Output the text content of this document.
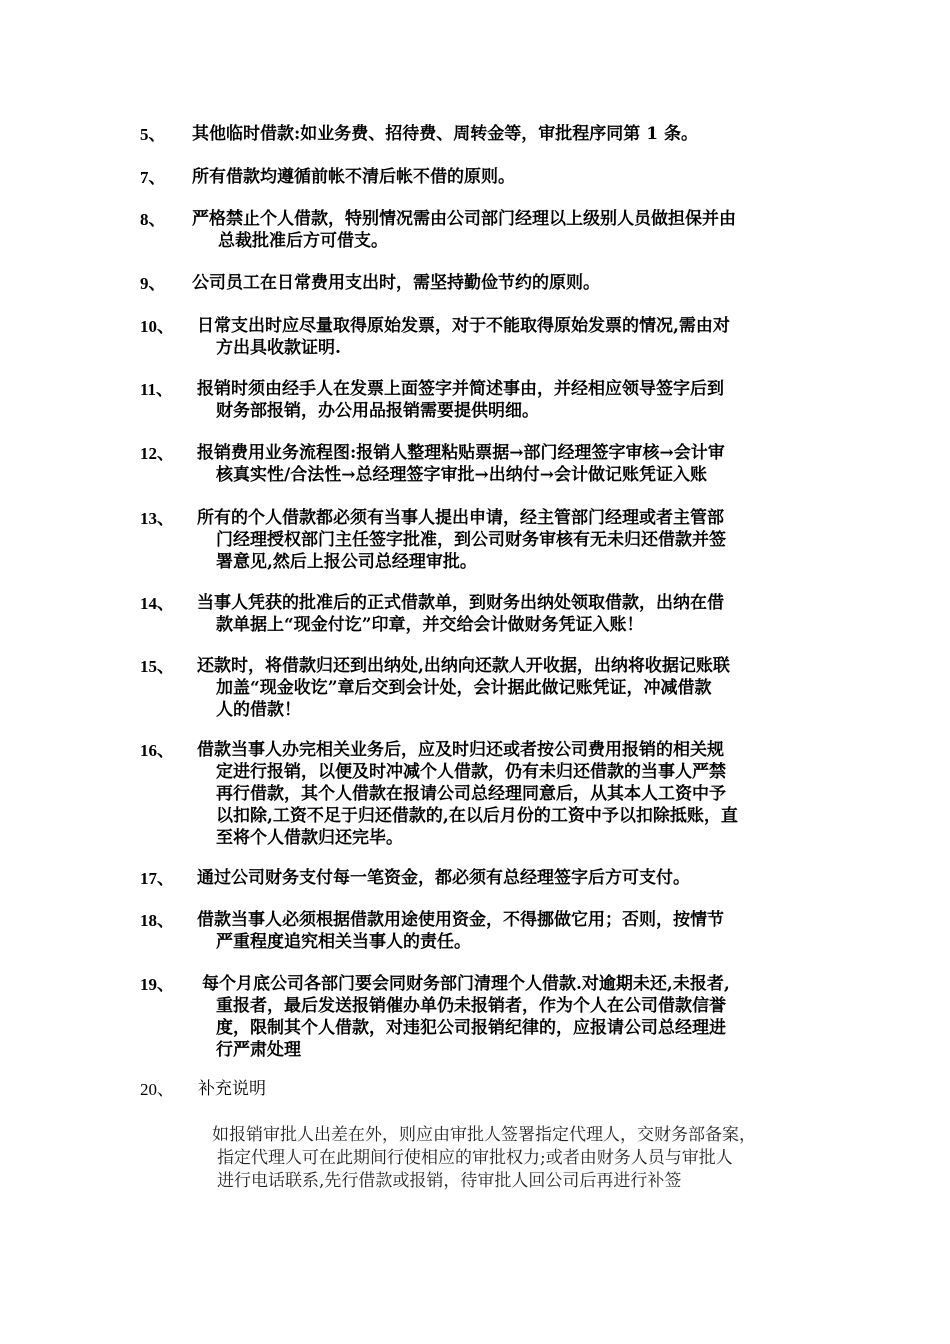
5、 其他临时借款:如业务费、招待费、周转金等，审批程序同第 1 条。
7、 所有借款均遵循前帐不清后帐不借的原则。
8、 严格禁止个人借款，特别情况需由公司部门经理以上级别人员做担保并由
总裁批准后方可借支。
9、 公司员工在日常费用支出时，需坚持勤俭节约的原则。
10、 日常支出时应尽量取得原始发票，对于不能取得原始发票的情况,需由对
方出具收款证明.
11、 报销时须由经手人在发票上面签字并简述事由，并经相应领导签字后到
财务部报销，办公用品报销需要提供明细。
12、 报销费用业务流程图:报销人整理粘贴票据→部门经理签字审核→会计审
核真实性/合法性→总经理签字审批→出纳付→会计做记账凭证入账
13、 所有的个人借款都必须有当事人提出申请，经主管部门经理或者主管部
门经理授权部门主任签字批准，到公司财务审核有无未归还借款并签
署意见,然后上报公司总经理审批。
14、 当事人凭获的批准后的正式借款单，到财务出纳处领取借款，出纳在借
款单据上“现金付讫”印章，并交给会计做财务凭证入账！
15、 还款时，将借款归还到出纳处,出纳向还款人开收据，出纳将收据记账联
加盖“现金收讫”章后交到会计处，会计据此做记账凭证，冲减借款
人的借款！
16、 借款当事人办完相关业务后，应及时归还或者按公司费用报销的相关规
定进行报销，以便及时冲减个人借款，仍有未归还借款的当事人严禁
再行借款，其个人借款在报请公司总经理同意后，从其本人工资中予
以扣除,工资不足于归还借款的,在以后月份的工资中予以扣除抵账，直
至将个人借款归还完毕。
17、 通过公司财务支付每一笔资金，都必须有总经理签字后方可支付。
18、 借款当事人必须根据借款用途使用资金，不得挪做它用；否则，按情节
严重程度追究相关当事人的责任。
19、 每个月底公司各部门要会同财务部门清理个人借款.对逾期未还,未报者,
重报者，最后发送报销催办单仍未报销者，作为个人在公司借款信誉
度，限制其个人借款，对违犯公司报销纪律的，应报请公司总经理进
行严肃处理
20、 补充说明
如报销审批人出差在外，则应由审批人签署指定代理人，交财务部备案，
指定代理人可在此期间行使相应的审批权力;或者由财务人员与审批人
进行电话联系,先行借款或报销，待审批人回公司后再进行补签
